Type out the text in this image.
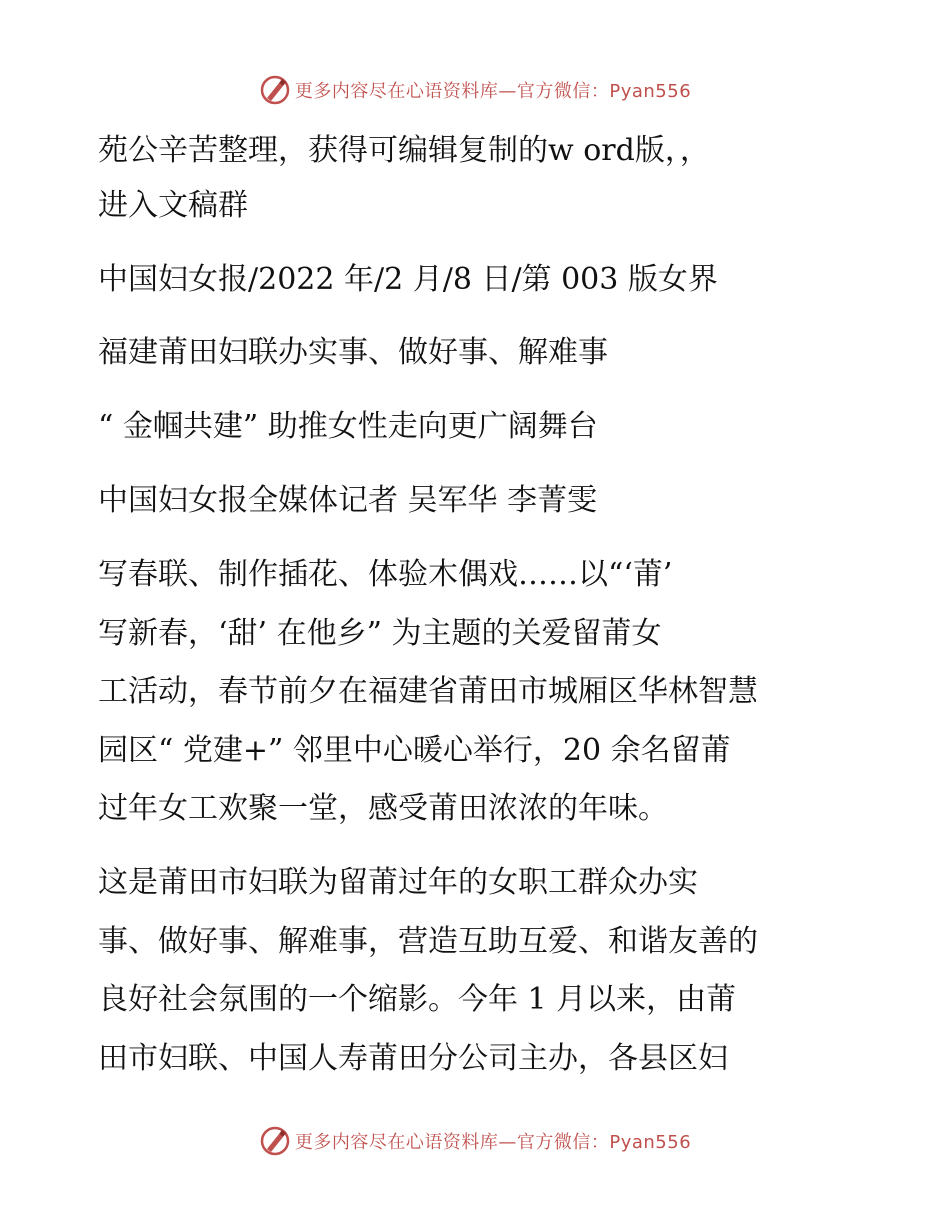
更多内容尽在心语资料库—官方微信：Pyan556
苑公辛苦整理，获得可编辑复制的w ord版，，
进入文稿群
中国妇女报/2022 年/2 月/8 日/第 003 版女界
福建莆田妇联办实事、做好事、解难事
“ 金帼共建” 助推女性走向更广阔舞台
中国妇女报全媒体记者 吴军华 李菁雯
写春联、制作插花、体验木偶戏……以“‘莆’
写新春，‘甜’ 在他乡” 为主题的关爱留莆女
工活动，春节前夕在福建省莆田市城厢区华林智慧
园区“ 党建+” 邻里中心暖心举行，20 余名留莆
过年女工欢聚一堂，感受莆田浓浓的年味。
这是莆田市妇联为留莆过年的女职工群众办实
事、做好事、解难事，营造互助互爱、和谐友善的
良好社会氛围的一个缩影。今年 1 月以来，由莆
田市妇联、中国人寿莆田分公司主办，各县区妇
更多内容尽在心语资料库—官方微信：Pyan556
